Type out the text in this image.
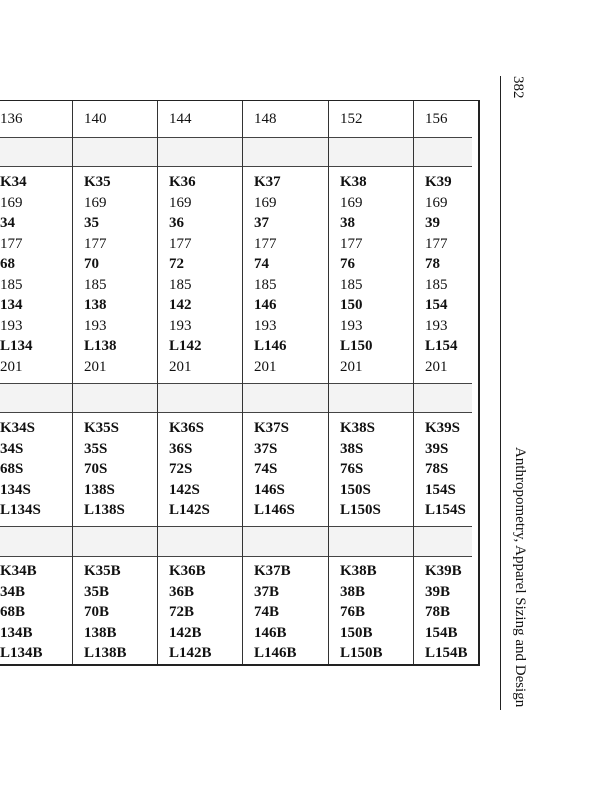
382
Anthropometry, Apparel Sizing and Design
136
K34
169
34
177
68
185
134
193
L134
201
K34S
34S
68S
134S
L134S
K34B
34B
68B
134B
L134B
140
K35
169
35
177
70
185
138
193
L138
201
K35S
35S
70S
138S
L138S
K35B
35B
70B
138B
L138B
144
K36
169
36
177
72
185
142
193
L142
201
K36S
36S
72S
142S
L142S
K36B
36B
72B
142B
L142B
148
K37
169
37
177
74
185
146
193
L146
201
K37S
37S
74S
146S
L146S
K37B
37B
74B
146B
L146B
152
K38
169
38
177
76
185
150
193
L150
201
K38S
38S
76S
150S
L150S
K38B
38B
76B
150B
L150B
156
K39
169
39
177
78
185
154
193
L154
201
K39S
39S
78S
154S
L154S
K39B
39B
78B
154B
L154B
